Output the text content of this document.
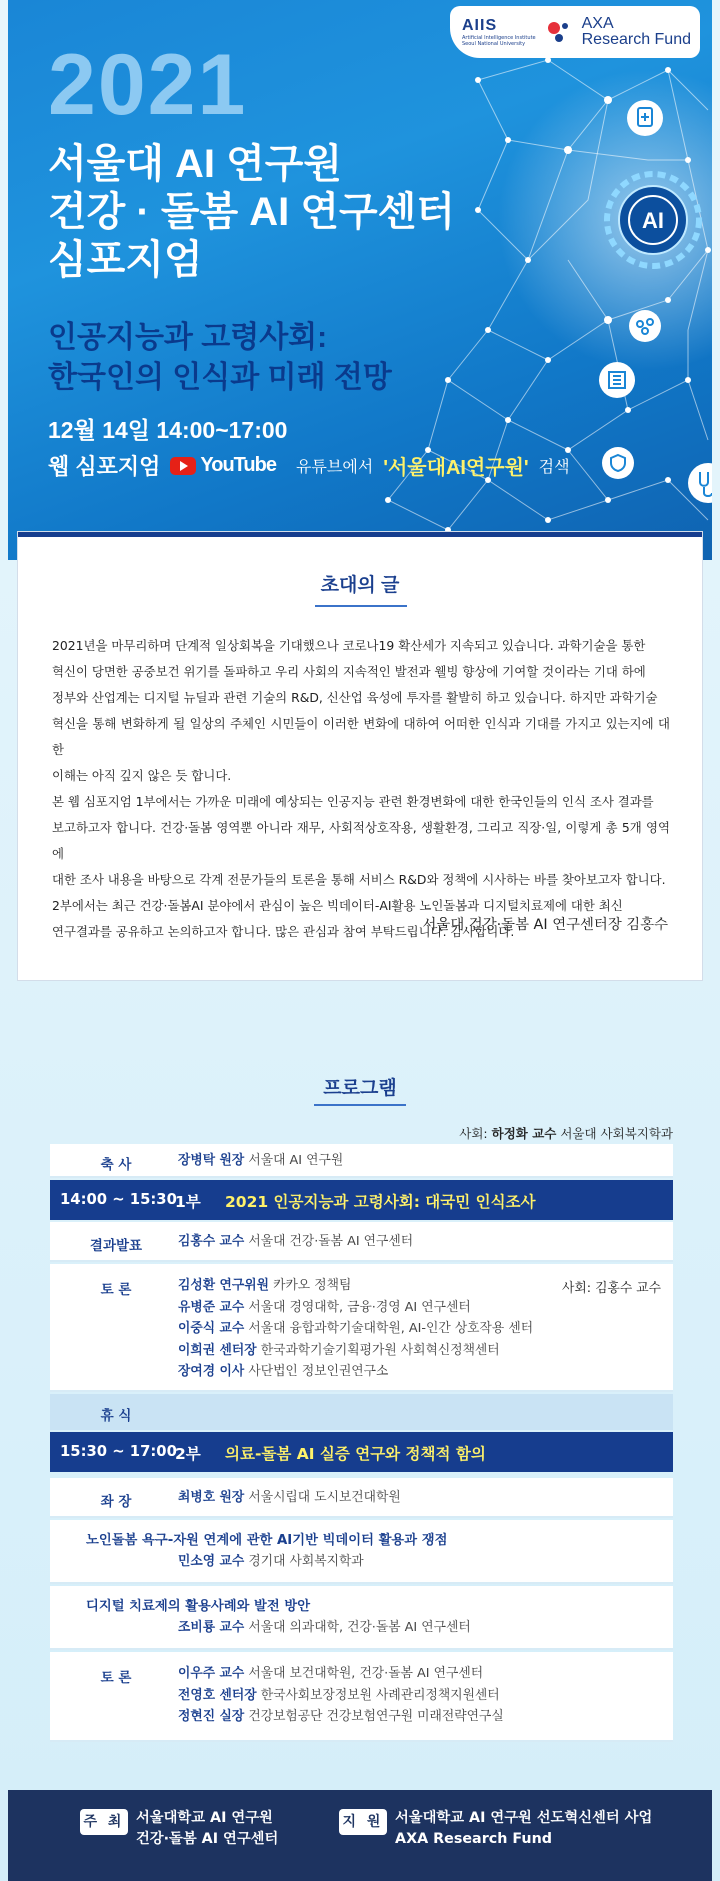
AIIS
Artificial Intelligence Institute
Seoul National University
AXA
Research Fund
2021
서울대 AI 연구원
건강 · 돌봄 AI 연구센터
심포지엄
인공지능과 고령사회:
한국인의 인식과 미래 전망
12월 14일 14:00~17:00
웹 심포지엄 YouTube 유튜브에서 '서울대AI연구원' 검색
AI
초대의 글

2021년을 마무리하며 단계적 일상회복을 기대했으나 코로나19 확산세가 지속되고 있습니다. 과학기술을 통한

혁신이 당면한 공중보건 위기를 돌파하고 우리 사회의 지속적인 발전과 웰빙 향상에 기여할 것이라는 기대 하에

정부와 산업계는 디지털 뉴딜과 관련 기술의 R&D, 신산업 육성에 투자를 활발히 하고 있습니다. 하지만 과학기술

혁신을 통해 변화하게 될 일상의 주체인 시민들이 이러한 변화에 대하여 어떠한 인식과 기대를 가지고 있는지에 대한

이해는 아직 깊지 않은 듯 합니다.

본 웹 심포지엄 1부에서는 가까운 미래에 예상되는 인공지능 관련 환경변화에 대한 한국인들의 인식 조사 결과를

보고하고자 합니다. 건강·돌봄 영역뿐 아니라 재무, 사회적상호작용, 생활환경, 그리고 직장·일, 이렇게 총 5개 영역에

대한 조사 내용을 바탕으로 각계 전문가들의 토론을 통해 서비스 R&D와 정책에 시사하는 바를 찾아보고자 합니다.

2부에서는 최근 건강·돌봄AI 분야에서 관심이 높은 빅데이터-AI활용 노인돌봄과 디지털치료제에 대한 최신

연구결과를 공유하고 논의하고자 합니다. 많은 관심과 참여 부탁드립니다. 감사합니다.

서울대 건강·돌봄 AI 연구센터장 김홍수
프로그램
사회: 하정화 교수 서울대 사회복지학과
축 사	장병탁 원장 서울대 AI 연구원
14:00 ~ 15:30
1부 2021 인공지능과 고령사회: 대국민 인식조사
결과발표	김홍수 교수 서울대 건강·돌봄 AI 연구센터
토 론	사회: 김홍수 교수
김성환 연구위원 카카오 정책팀
유병준 교수 서울대 경영대학, 금융·경영 AI 연구센터
이중식 교수 서울대 융합과학기술대학원, AI-인간 상호작용 센터
이희권 센터장 한국과학기술기획평가원 사회혁신정책센터
장여경 이사 사단법인 정보인권연구소
휴 식
15:30 ~ 17:00
2부 의료-돌봄 AI 실증 연구와 정책적 함의
좌 장	최병호 원장 서울시립대 도시보건대학원
노인돌봄 욕구-자원 연계에 관한 AI기반 빅데이터 활용과 쟁점
민소영 교수 경기대 사회복지학과
디지털 치료제의 활용사례와 발전 방안
조비룡 교수 서울대 의과대학, 건강·돌봄 AI 연구센터
토 론	이우주 교수 서울대 보건대학원, 건강·돌봄 AI 연구센터
전영호 센터장 한국사회보장정보원 사례관리정책지원센터
정현진 실장 건강보험공단 건강보험연구원 미래전략연구실
주 최 서울대학교 AI 연구원
건강·돌봄 AI 연구센터
지 원 서울대학교 AI 연구원 선도혁신센터 사업
AXA Research Fund
